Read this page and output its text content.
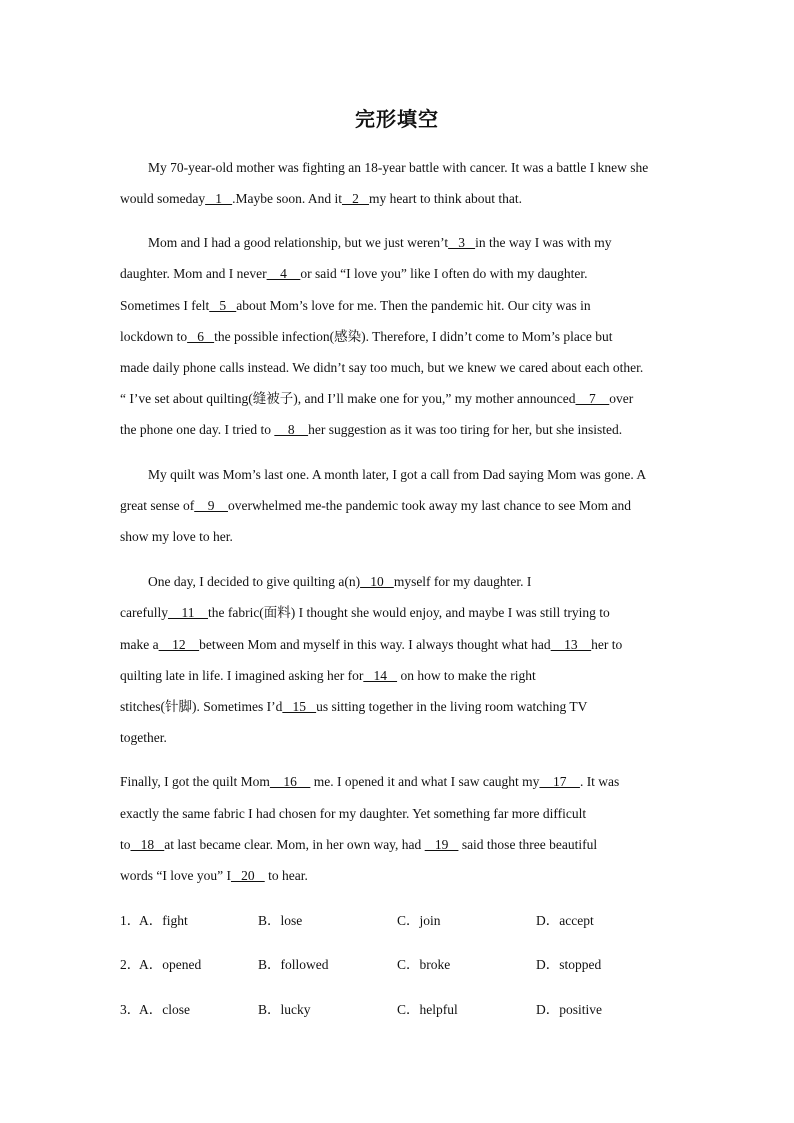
完形填空
My 70-year-old mother was fighting an 18-year battle with cancer. It was a battle I knew she
would someday   1   .Maybe soon. And it   2   my heart to think about that.
Mom and I had a good relationship, but we just weren’t   3   in the way I was with my
daughter. Mom and I never    4    or said “I love you” like I often do with my daughter.
Sometimes I felt   5   about Mom’s love for me. Then the pandemic hit. Our city was in
lockdown to   6   the possible infection(感染). Therefore, I didn’t come to Mom’s place but
made daily phone calls instead. We didn’t say too much, but we knew we cared about each other.
“ I’ve set about quilting(缝被子), and I’ll make one for you,” my mother announced    7    over
the phone one day. I tried to     8    her suggestion as it was too tiring for her, but she insisted.
My quilt was Mom’s last one. A month later, I got a call from Dad saying Mom was gone. A
great sense of    9    overwhelmed me-the pandemic took away my last chance to see Mom and
show my love to her.
One day, I decided to give quilting a(n)   10   myself for my daughter. I
carefully    11    the fabric(面料) I thought she would enjoy, and maybe I was still trying to
make a    12    between Mom and myself in this way. I always thought what had    13    her to
quilting late in life. I imagined asking her for   14    on how to make the right
stitches(针脚). Sometimes I’d   15   us sitting together in the living room watching TV
together.
Finally, I got the quilt Mom    16     me. I opened it and what I saw caught my    17    . It was
exactly the same fabric I had chosen for my daughter. Yet something far more difficult
to   18   at last became clear. Mom, in her own way, had    19    said those three beautiful
words “I love you” I   20    to hear.
1．
A．fight	B．lose	C．join	D．accept
2．
A．opened	B．followed	C．broke	D．stopped
3．
A．close	B．lucky	C．helpful	D．positive
